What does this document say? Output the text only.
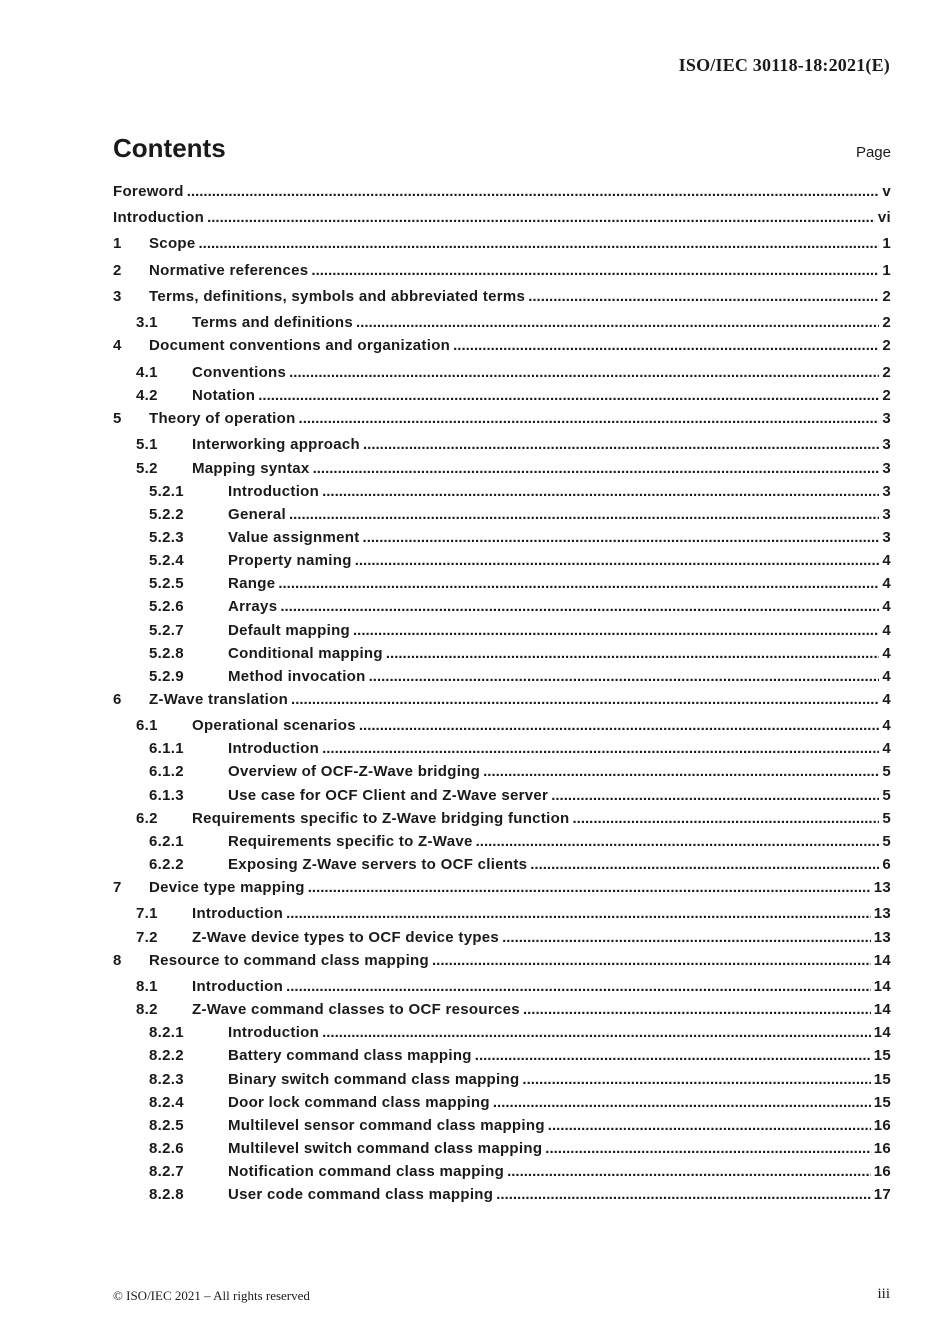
ISO/IEC 30118-18:2021(E)
Contents	Page
Foreword .....	v
Introduction .....	vi
1	Scope .....	1
2	Normative references .....	1
3	Terms, definitions, symbols and abbreviated terms .....	2
3.1	Terms and definitions .....	2
4	Document conventions and organization .....	2
4.1	Conventions .....	2
4.2	Notation .....	2
5	Theory of operation .....	3
5.1	Interworking approach .....	3
5.2	Mapping syntax .....	3
5.2.1	Introduction .....	3
5.2.2	General .....	3
5.2.3	Value assignment .....	3
5.2.4	Property naming .....	4
5.2.5	Range .....	4
5.2.6	Arrays .....	4
5.2.7	Default mapping .....	4
5.2.8	Conditional mapping .....	4
5.2.9	Method invocation .....	4
6	Z-Wave translation .....	4
6.1	Operational scenarios .....	4
6.1.1	Introduction .....	4
6.1.2	Overview of OCF-Z-Wave bridging .....	5
6.1.3	Use case for OCF Client and Z-Wave server .....	5
6.2	Requirements specific to Z-Wave bridging function .....	5
6.2.1	Requirements specific to Z-Wave .....	5
6.2.2	Exposing Z-Wave servers to OCF clients .....	6
7	Device type mapping .....	13
7.1	Introduction .....	13
7.2	Z-Wave device types to OCF device types .....	13
8	Resource to command class mapping .....	14
8.1	Introduction .....	14
8.2	Z-Wave command classes to OCF resources .....	14
8.2.1	Introduction .....	14
8.2.2	Battery command class mapping .....	15
8.2.3	Binary switch command class mapping .....	15
8.2.4	Door lock command class mapping .....	15
8.2.5	Multilevel sensor command class mapping .....	16
8.2.6	Multilevel switch command class mapping .....	16
8.2.7	Notification command class mapping .....	16
8.2.8	User code command class mapping .....	17
© ISO/IEC 2021 – All rights reserved	iii
